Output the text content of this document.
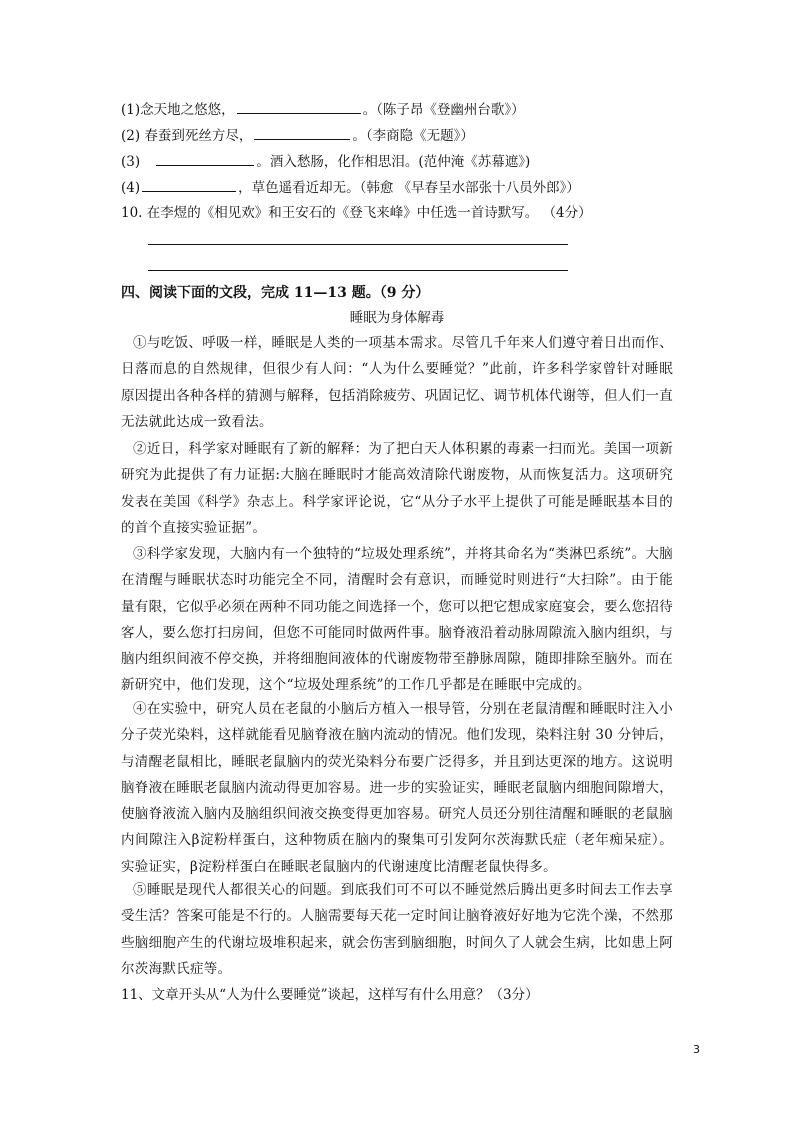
(1)念天地之悠悠，	。（陈子昂《登幽州台歌》）
(2) 春蚕到死丝方尽，	。（李商隐《无题》）
(3)	。酒入愁肠，化作相思泪。(范仲淹《苏幕遮》)
(4)	，草色遥看近却无。（韩愈 《早春呈水部张十八员外郎》）
10. 在李煜的《相见欢》和王安石的《登飞来峰》中任选一首诗默写。 （4分）
四、阅读下面的文段，完成 11—13 题。（9 分）
睡眠为身体解毒

①与吃饭、呼吸一样，睡眠是人类的一项基本需求。尽管几千年来人们遵守着日出而作、日落而息的自然规律，但很少有人问：“人为什么要睡觉？”此前，许多科学家曾针对睡眠原因提出各种各样的猜测与解释，包括消除疲劳、巩固记忆、调节机体代谢等，但人们一直无法就此达成一致看法。

②近日，科学家对睡眠有了新的解释：为了把白天人体积累的毒素一扫而光。美国一项新研究为此提供了有力证据:大脑在睡眠时才能高效清除代谢废物，从而恢复活力。这项研究发表在美国《科学》杂志上。科学家评论说，它“从分子水平上提供了可能是睡眠基本目的的首个直接实验证据”。

③科学家发现，大脑内有一个独特的“垃圾处理系统”，并将其命名为“类淋巴系统”。大脑在清醒与睡眠状态时功能完全不同，清醒时会有意识，而睡觉时则进行“大扫除”。由于能量有限，它似乎必须在两种不同功能之间选择一个，您可以把它想成家庭宴会，要么您招待客人，要么您打扫房间，但您不可能同时做两件事。脑脊液沿着动脉周隙流入脑内组织，与脑内组织间液不停交换，并将细胞间液体的代谢废物带至静脉周隙，随即排除至脑外。而在新研究中，他们发现，这个“垃圾处理系统”的工作几乎都是在睡眠中完成的。

④在实验中，研究人员在老鼠的小脑后方植入一根导管，分别在老鼠清醒和睡眠时注入小分子荧光染料，这样就能看见脑脊液在脑内流动的情况。他们发现，染料注射 30 分钟后，与清醒老鼠相比，睡眠老鼠脑内的荧光染料分布要广泛得多，并且到达更深的地方。这说明脑脊液在睡眠老鼠脑内流动得更加容易。进一步的实验证实，睡眠老鼠脑内细胞间隙增大，使脑脊液流入脑内及脑组织间液交换变得更加容易。研究人员还分别往清醒和睡眠的老鼠脑内间隙注入β淀粉样蛋白，这种物质在脑内的聚集可引发阿尔茨海默氏症（老年痴呆症）。实验证实，β淀粉样蛋白在睡眠老鼠脑内的代谢速度比清醒老鼠快得多。

⑤睡眠是现代人都很关心的问题。到底我们可不可以不睡觉然后腾出更多时间去工作去享受生活？答案可能是不行的。人脑需要每天花一定时间让脑脊液好好地为它洗个澡，不然那些脑细胞产生的代谢垃圾堆积起来，就会伤害到脑细胞，时间久了人就会生病，比如患上阿尔茨海默氏症等。

11、文章开头从“人为什么要睡觉”谈起，这样写有什么用意？（3分）
3
